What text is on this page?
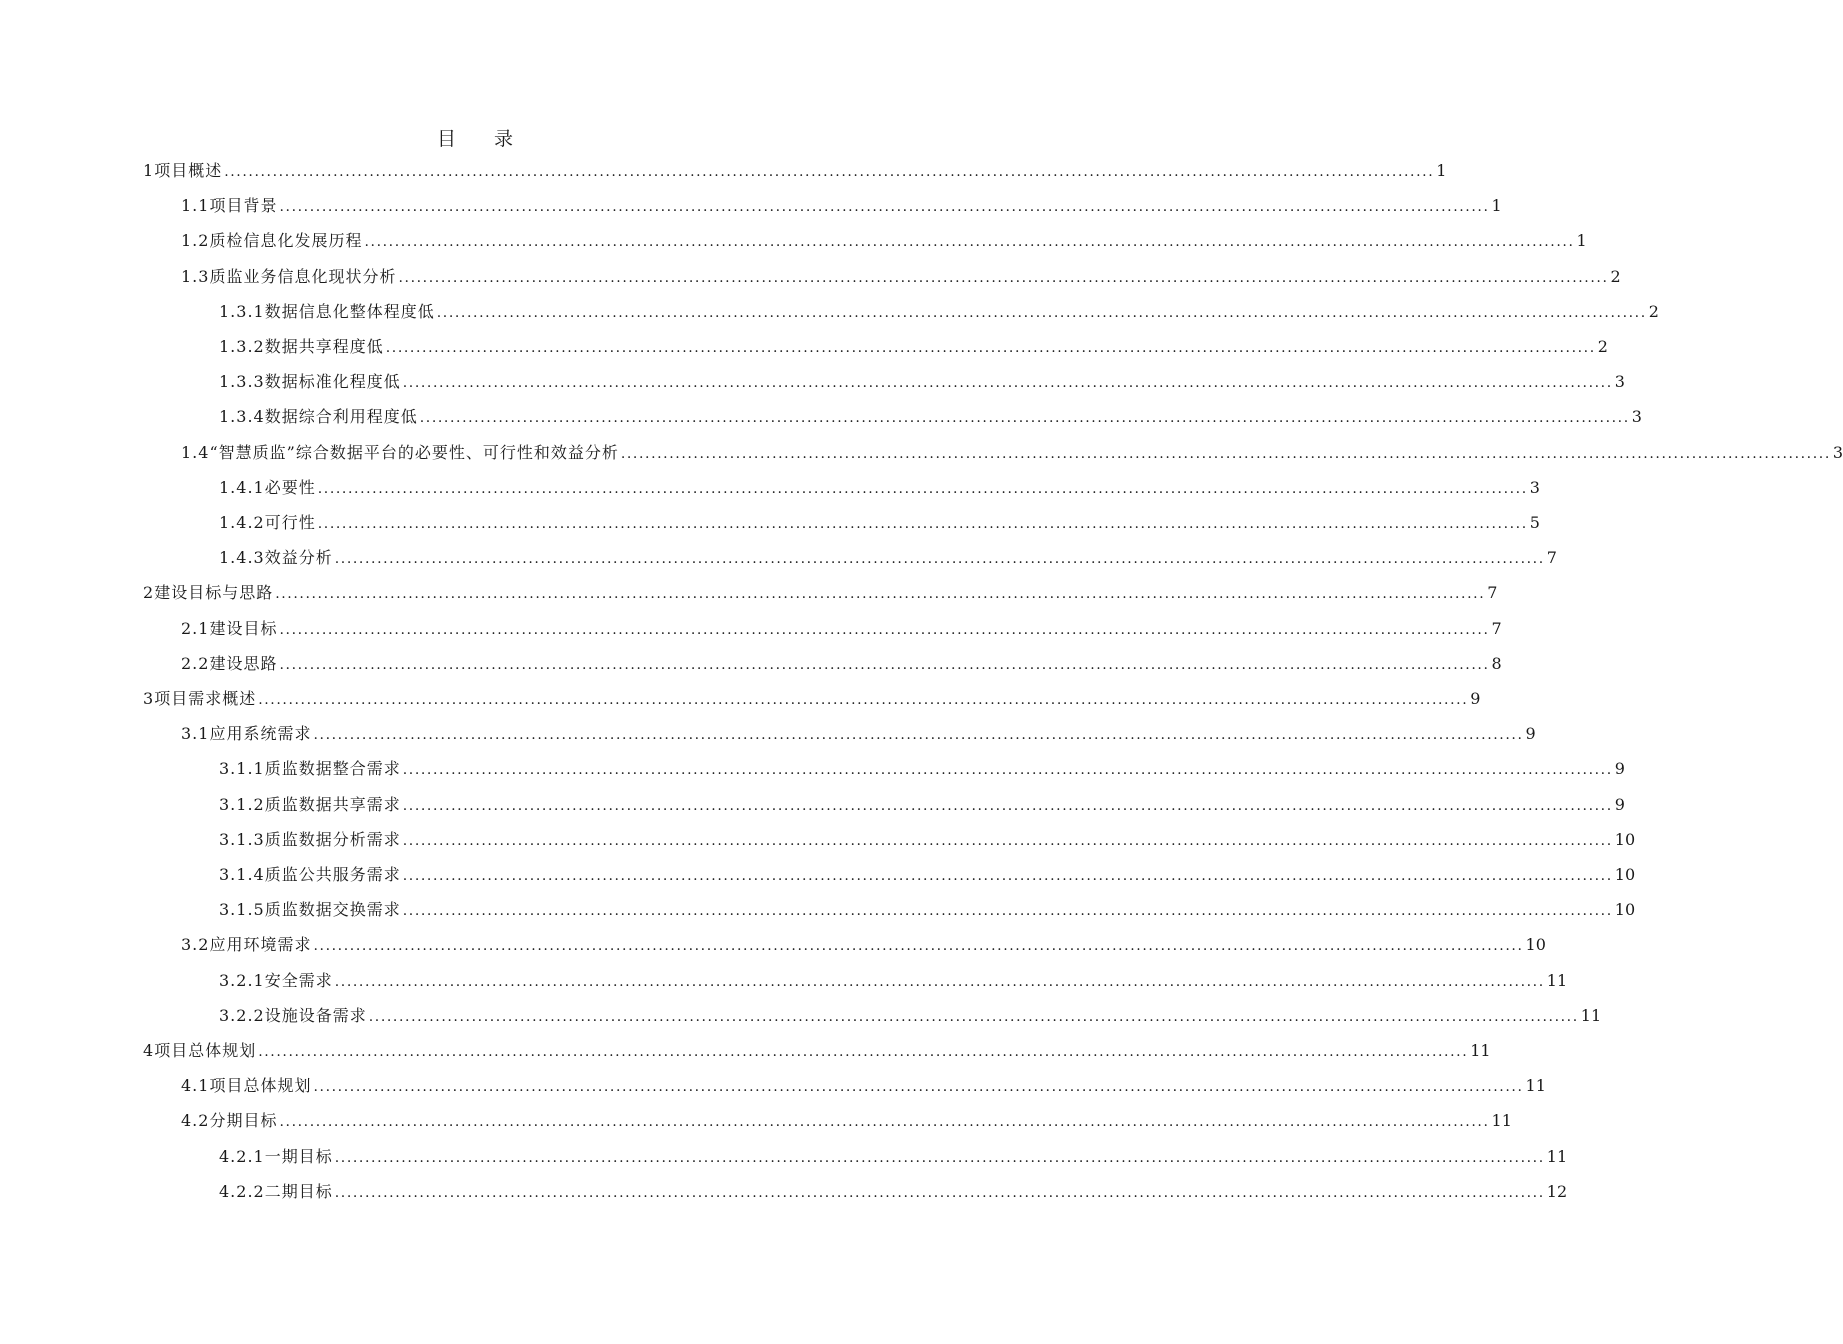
目 录
1 项目概述 ........................................................................................................................................................................................................ 1
1.1 项目背景 ........................................................................................................................................................................................................ 1
1.2 质检信息化发展历程 ........................................................................................................................................................................................................ 1
1.3 质监业务信息化现状分析 ........................................................................................................................................................................................................ 2
1.3.1 数据信息化整体程度低 ........................................................................................................................................................................................................ 2
1.3.2 数据共享程度低 ........................................................................................................................................................................................................ 2
1.3.3 数据标准化程度低 ........................................................................................................................................................................................................ 3
1.3.4 数据综合利用程度低 ........................................................................................................................................................................................................ 3
1.4 “智慧质监”综合数据平台的必要性、可行性和效益分析 ........................................................................................................................................................................................................ 3
1.4.1 必要性 ........................................................................................................................................................................................................ 3
1.4.2 可行性 ........................................................................................................................................................................................................ 5
1.4.3 效益分析 ........................................................................................................................................................................................................ 7
2 建设目标与思路 ........................................................................................................................................................................................................ 7
2.1 建设目标 ........................................................................................................................................................................................................ 7
2.2 建设思路 ........................................................................................................................................................................................................ 8
3 项目需求概述 ........................................................................................................................................................................................................ 9
3.1 应用系统需求 ........................................................................................................................................................................................................ 9
3.1.1 质监数据整合需求 ........................................................................................................................................................................................................ 9
3.1.2 质监数据共享需求 ........................................................................................................................................................................................................ 9
3.1.3 质监数据分析需求 ........................................................................................................................................................................................................ 10
3.1.4 质监公共服务需求 ........................................................................................................................................................................................................ 10
3.1.5 质监数据交换需求 ........................................................................................................................................................................................................ 10
3.2 应用环境需求 ........................................................................................................................................................................................................ 10
3.2.1 安全需求 ........................................................................................................................................................................................................ 11
3.2.2 设施设备需求 ........................................................................................................................................................................................................ 11
4 项目总体规划 ........................................................................................................................................................................................................ 11
4.1 项目总体规划 ........................................................................................................................................................................................................ 11
4.2 分期目标 ........................................................................................................................................................................................................ 11
4.2.1 一期目标 ........................................................................................................................................................................................................ 11
4.2.2 二期目标 ........................................................................................................................................................................................................ 12
